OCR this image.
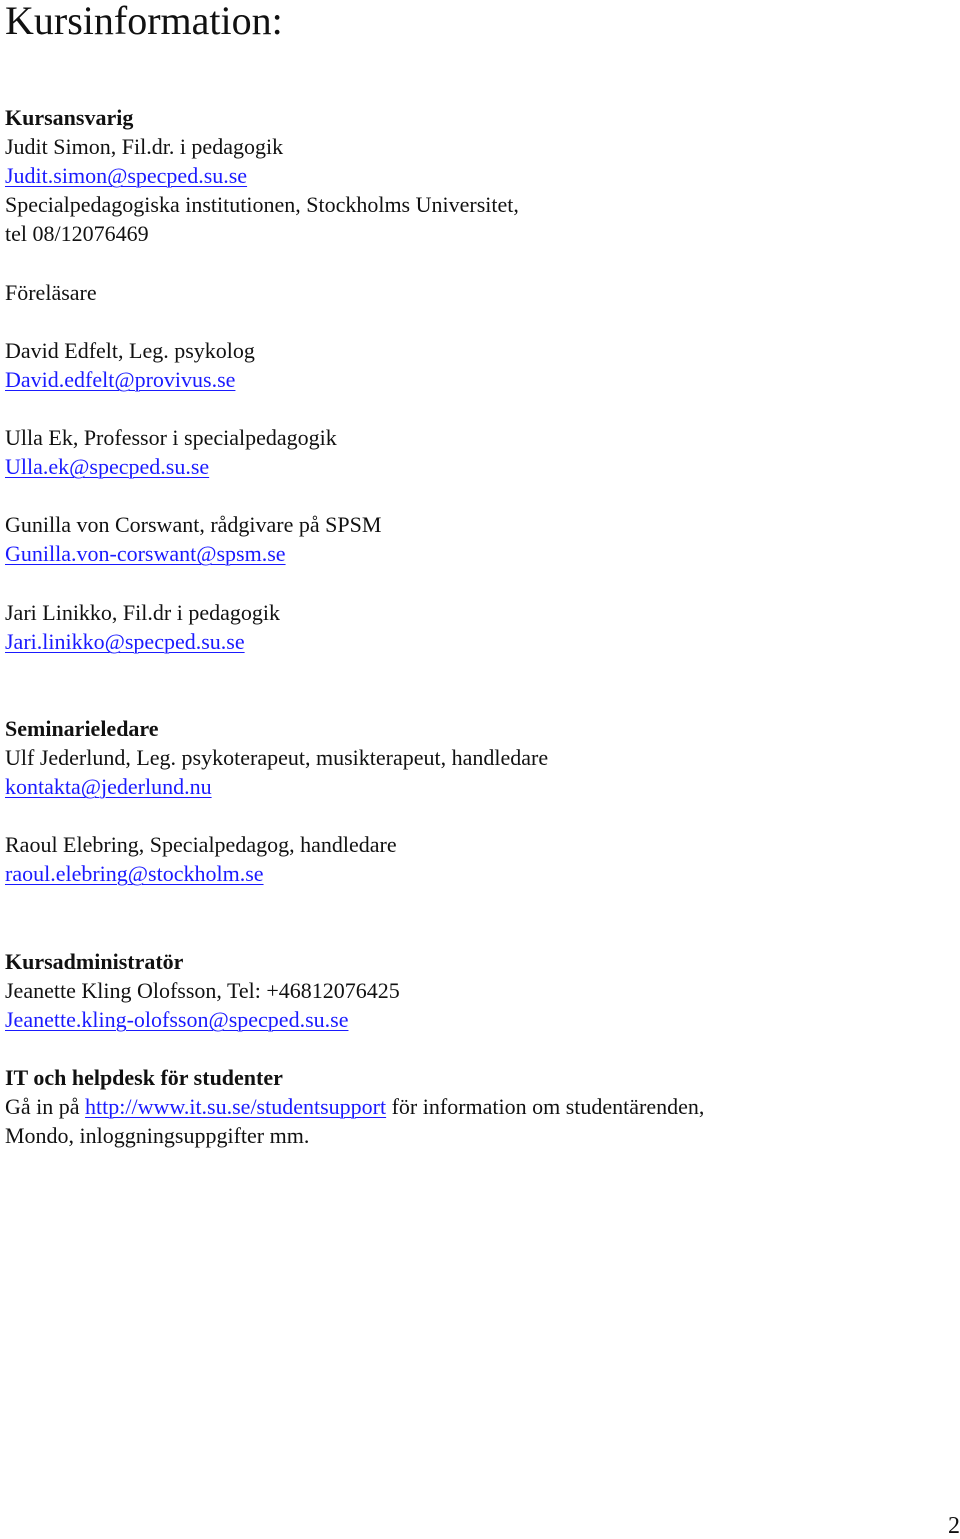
Kursinformation:
Kursansvarig
Judit Simon, Fil.dr. i pedagogik
Judit.simon@specped.su.se
Specialpedagogiska institutionen, Stockholms Universitet,
tel 08/12076469
Föreläsare
David Edfelt, Leg. psykolog
David.edfelt@provivus.se
Ulla Ek, Professor i specialpedagogik
Ulla.ek@specped.su.se
Gunilla von Corswant, rådgivare på SPSM
Gunilla.von-corswant@spsm.se
Jari Linikko, Fil.dr i pedagogik
Jari.linikko@specped.su.se
Seminarieledare
Ulf Jederlund, Leg. psykoterapeut, musikterapeut, handledare
kontakta@jederlund.nu
Raoul Elebring, Specialpedagog, handledare
raoul.elebring@stockholm.se
Kursadministratör
Jeanette Kling Olofsson, Tel: +46812076425
Jeanette.kling-olofsson@specped.su.se
IT och helpdesk för studenter
Gå in på http://www.it.su.se/studentsupport för information om studentärenden,
Mondo, inloggningsuppgifter mm.
2
